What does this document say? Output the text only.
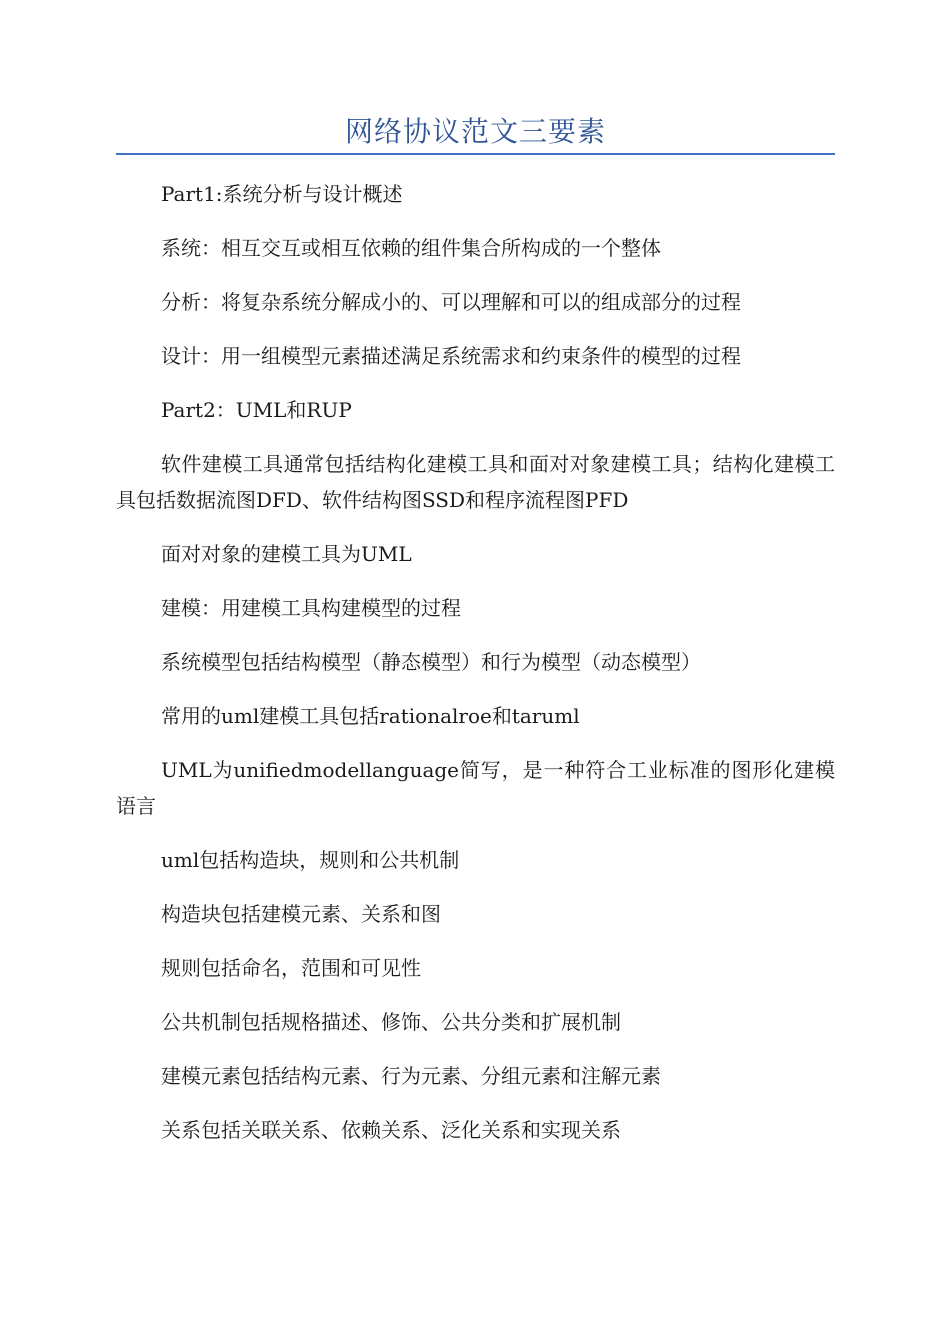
网络协议范文三要素

Part1:系统分析与设计概述

系统：相互交互或相互依赖的组件集合所构成的一个整体

分析：将复杂系统分解成小的、可以理解和可以的组成部分的过程

设计：用一组模型元素描述满足系统需求和约束条件的模型的过程

Part2：UML和RUP

软件建模工具通常包括结构化建模工具和面对对象建模工具；结构化建模工具包括数据流图DFD、软件结构图SSD和程序流程图PFD

面对对象的建模工具为UML

建模：用建模工具构建模型的过程

系统模型包括结构模型（静态模型）和行为模型（动态模型）

常用的uml建模工具包括rationalroe和taruml

UML为unifiedmodellanguage简写，是一种符合工业标准的图形化建模语言

uml包括构造块，规则和公共机制

构造块包括建模元素、关系和图

规则包括命名，范围和可见性

公共机制包括规格描述、修饰、公共分类和扩展机制

建模元素包括结构元素、行为元素、分组元素和注解元素

关系包括关联关系、依赖关系、泛化关系和实现关系
